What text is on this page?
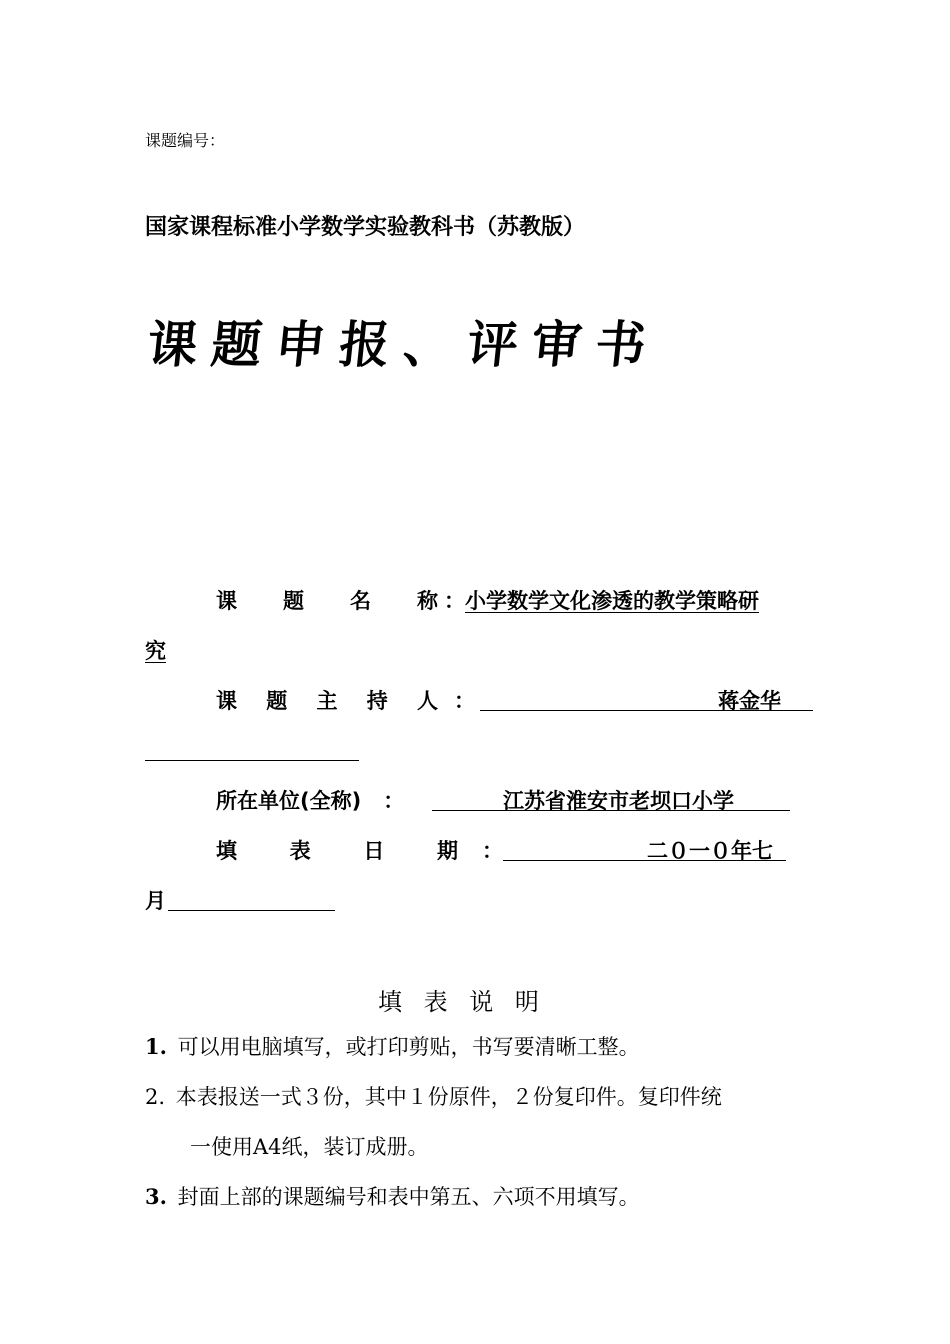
课题编号：
国家课程标准小学数学实验教科书（苏教版）
课题申报、评审书
课 题 名 称 ：小学数学文化渗透的教学策略研
究
课 题 主 持 人 ：	蒋金华
所在单位(全称) ：	江苏省淮安市老坝口小学
填	表	日	期 ：	二０一０年七
月
填 表 说 明
1. 可以用电脑填写，或打印剪贴，书写要清晰工整。
2. 本表报送一式３份，其中１份原件，２份复印件。复印件统
一使用A4纸，装订成册。
3. 封面上部的课题编号和表中第五、六项不用填写。
